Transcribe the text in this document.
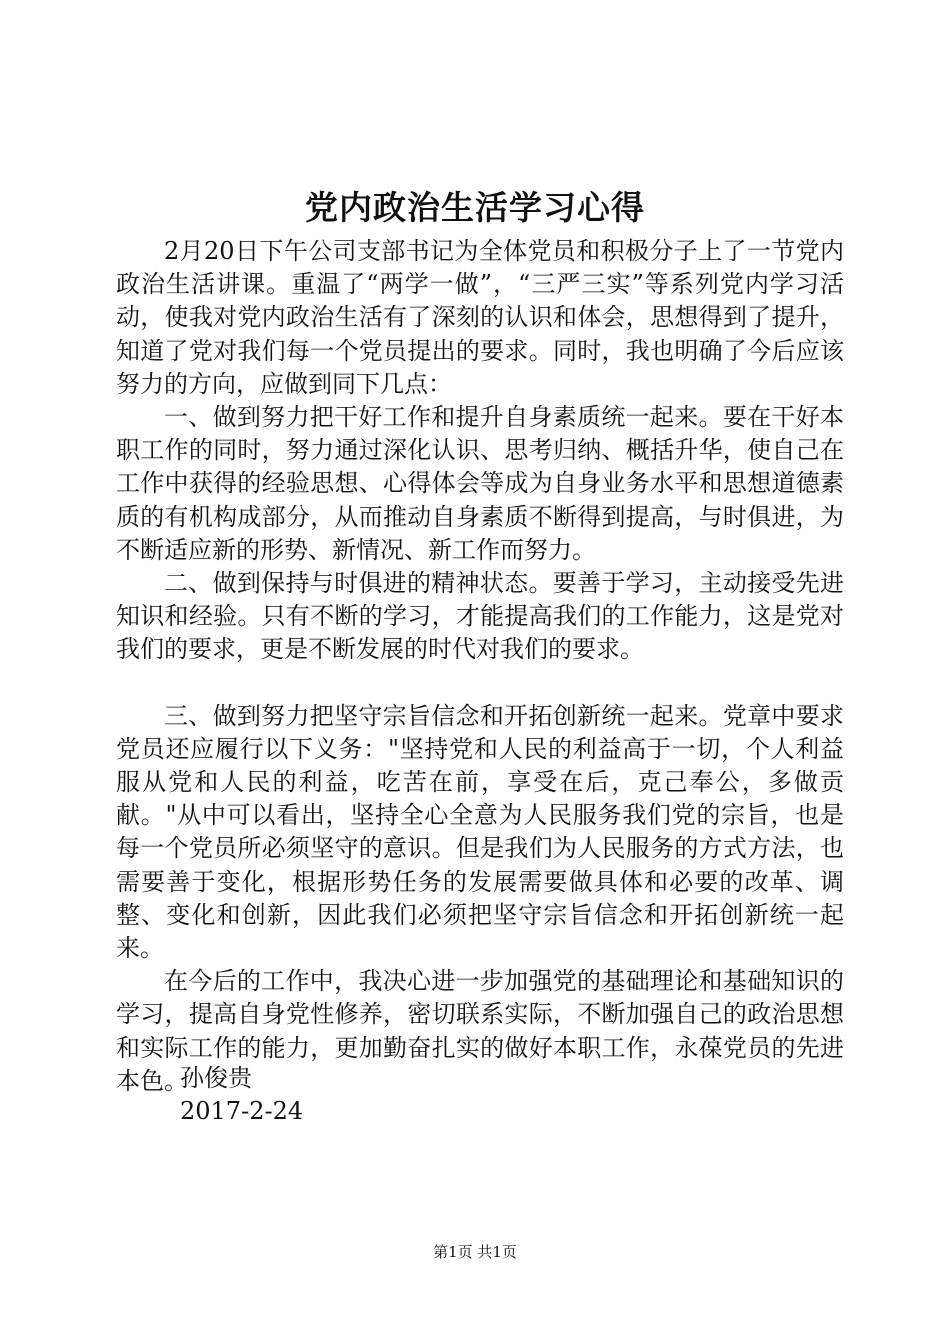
党内政治生活学习心得

2月20日下午公司支部书记为全体党员和积极分子上了一节党内政治生活讲课。重温了“两学一做”，“三严三实”等系列党内学习活动，使我对党内政治生活有了深刻的认识和体会，思想得到了提升，知道了党对我们每一个党员提出的要求。同时，我也明确了今后应该努力的方向，应做到同下几点：

一、做到努力把干好工作和提升自身素质统一起来。要在干好本职工作的同时，努力通过深化认识、思考归纳、概括升华，使自己在工作中获得的经验思想、心得体会等成为自身业务水平和思想道德素质的有机构成部分，从而推动自身素质不断得到提高，与时俱进，为不断适应新的形势、新情况、新工作而努力。

二、做到保持与时俱进的精神状态。要善于学习，主动接受先进知识和经验。只有不断的学习，才能提高我们的工作能力，这是党对我们的要求，更是不断发展的时代对我们的要求。

三、做到努力把坚守宗旨信念和开拓创新统一起来。党章中要求党员还应履行以下义务："坚持党和人民的利益高于一切，个人利益服从党和人民的利益，吃苦在前，享受在后，克己奉公，多做贡献。"从中可以看出，坚持全心全意为人民服务我们党的宗旨，也是每一个党员所必须坚守的意识。但是我们为人民服务的方式方法，也需要善于变化，根据形势任务的发展需要做具体和必要的改革、调整、变化和创新，因此我们必须把坚守宗旨信念和开拓创新统一起来。

在今后的工作中，我决心进一步加强党的基础理论和基础知识的学习，提高自身党性修养，密切联系实际，不断加强自己的政治思想和实际工作的能力，更加勤奋扎实的做好本职工作，永葆党员的先进本色。

孙俊贵
2017-2-24
第1页 共1页
